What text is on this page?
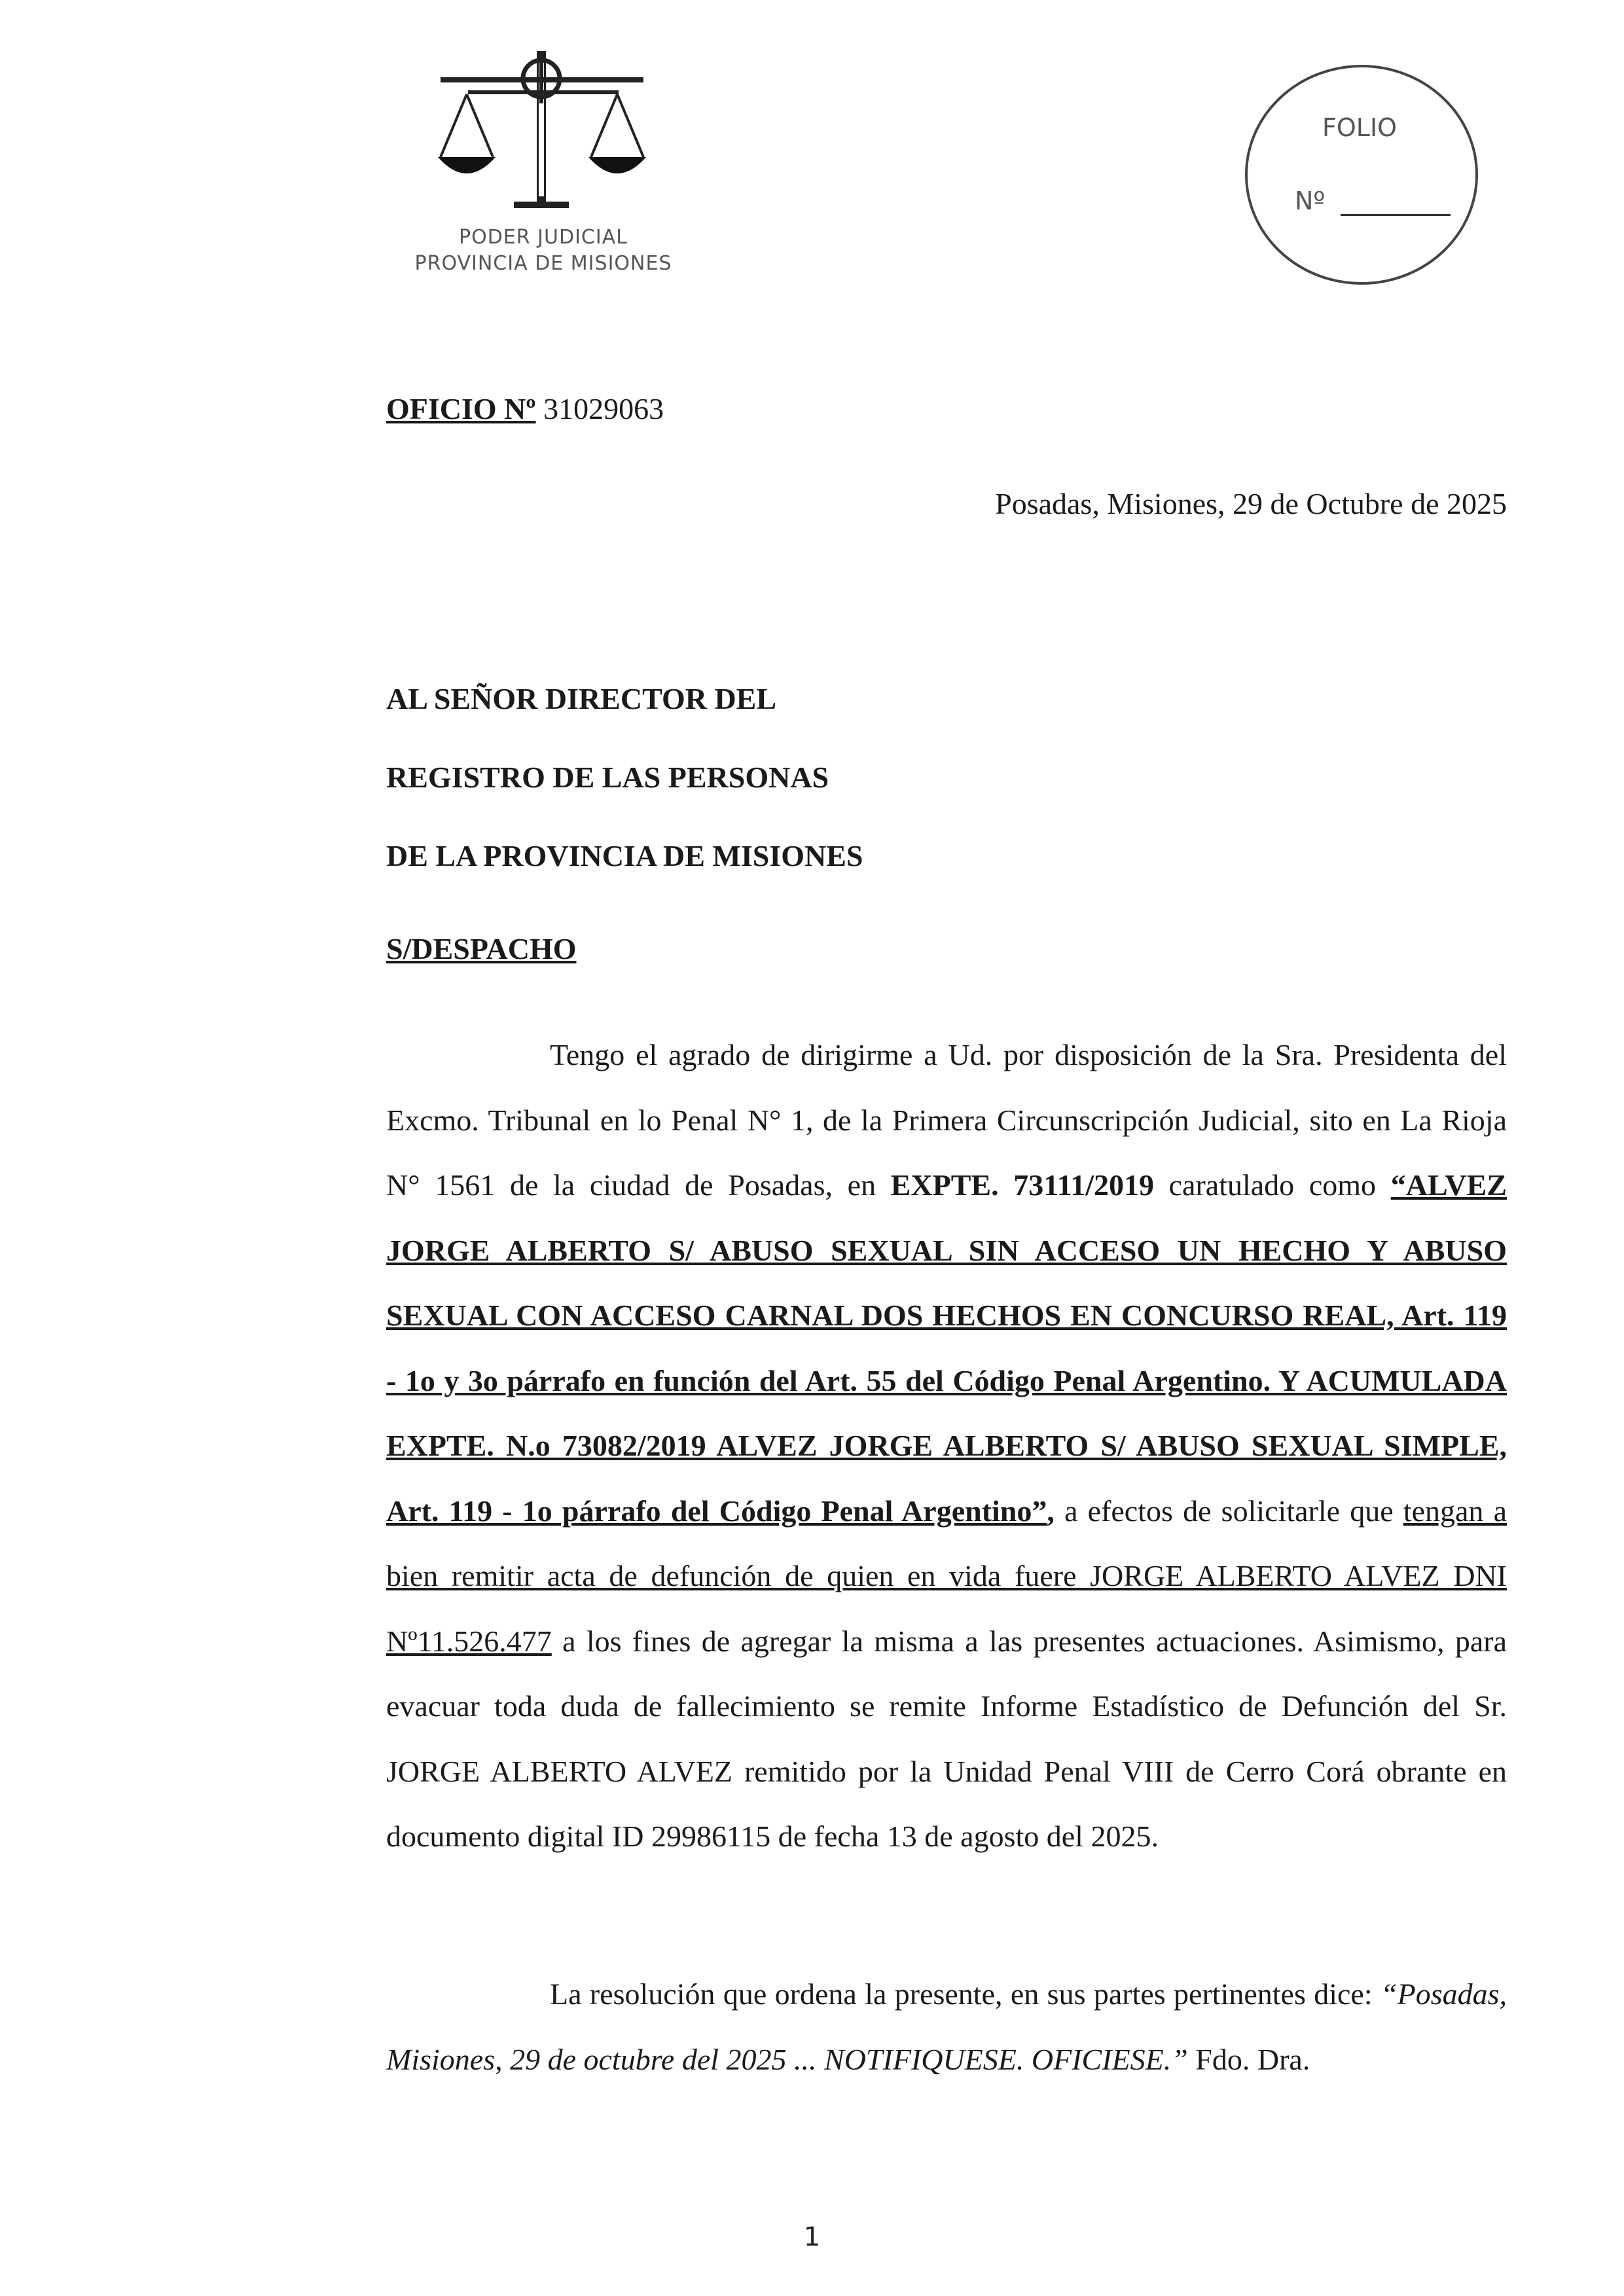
PODER JUDICIAL
PROVINCIA DE MISIONES
FOLIO
Nº
OFICIO Nº 31029063
Posadas, Misiones, 29 de Octubre de 2025
AL SEÑOR DIRECTOR DEL
REGISTRO DE LAS PERSONAS
DE LA PROVINCIA DE MISIONES
S/DESPACHO

Tengo el agrado de dirigirme a Ud. por disposición de la Sra. Presidenta del Excmo. Tribunal en lo Penal N° 1, de la Primera Circunscripción Judicial, sito en La Rioja N° 1561 de la ciudad de Posadas, en EXPTE. 73111/2019 caratulado como “ALVEZ JORGE ALBERTO S/ ABUSO SEXUAL SIN ACCESO UN HECHO Y ABUSO SEXUAL CON ACCESO CARNAL DOS HECHOS EN CONCURSO REAL, Art. 119 - 1o y 3o párrafo en función del Art. 55 del Código Penal Argentino. Y ACUMULADA EXPTE. N.o 73082/2019 ALVEZ JORGE ALBERTO S/ ABUSO SEXUAL SIMPLE, Art. 119 - 1o párrafo del Código Penal Argentino”, a efectos de solicitarle que tengan a bien remitir acta de defunción de quien en vida fuere JORGE ALBERTO ALVEZ DNI Nº11.526.477 a los fines de agregar la misma a las presentes actuaciones. Asimismo, para evacuar toda duda de fallecimiento se remite Informe Estadístico de Defunción del Sr. JORGE ALBERTO ALVEZ remitido por la Unidad Penal VIII de Cerro Corá obrante en documento digital ID 29986115 de fecha 13 de agosto del 2025.

La resolución que ordena la presente, en sus partes pertinentes dice: “Posadas, Misiones, 29 de octubre del 2025 ... NOTIFIQUESE. OFICIESE.” Fdo. Dra.

1
